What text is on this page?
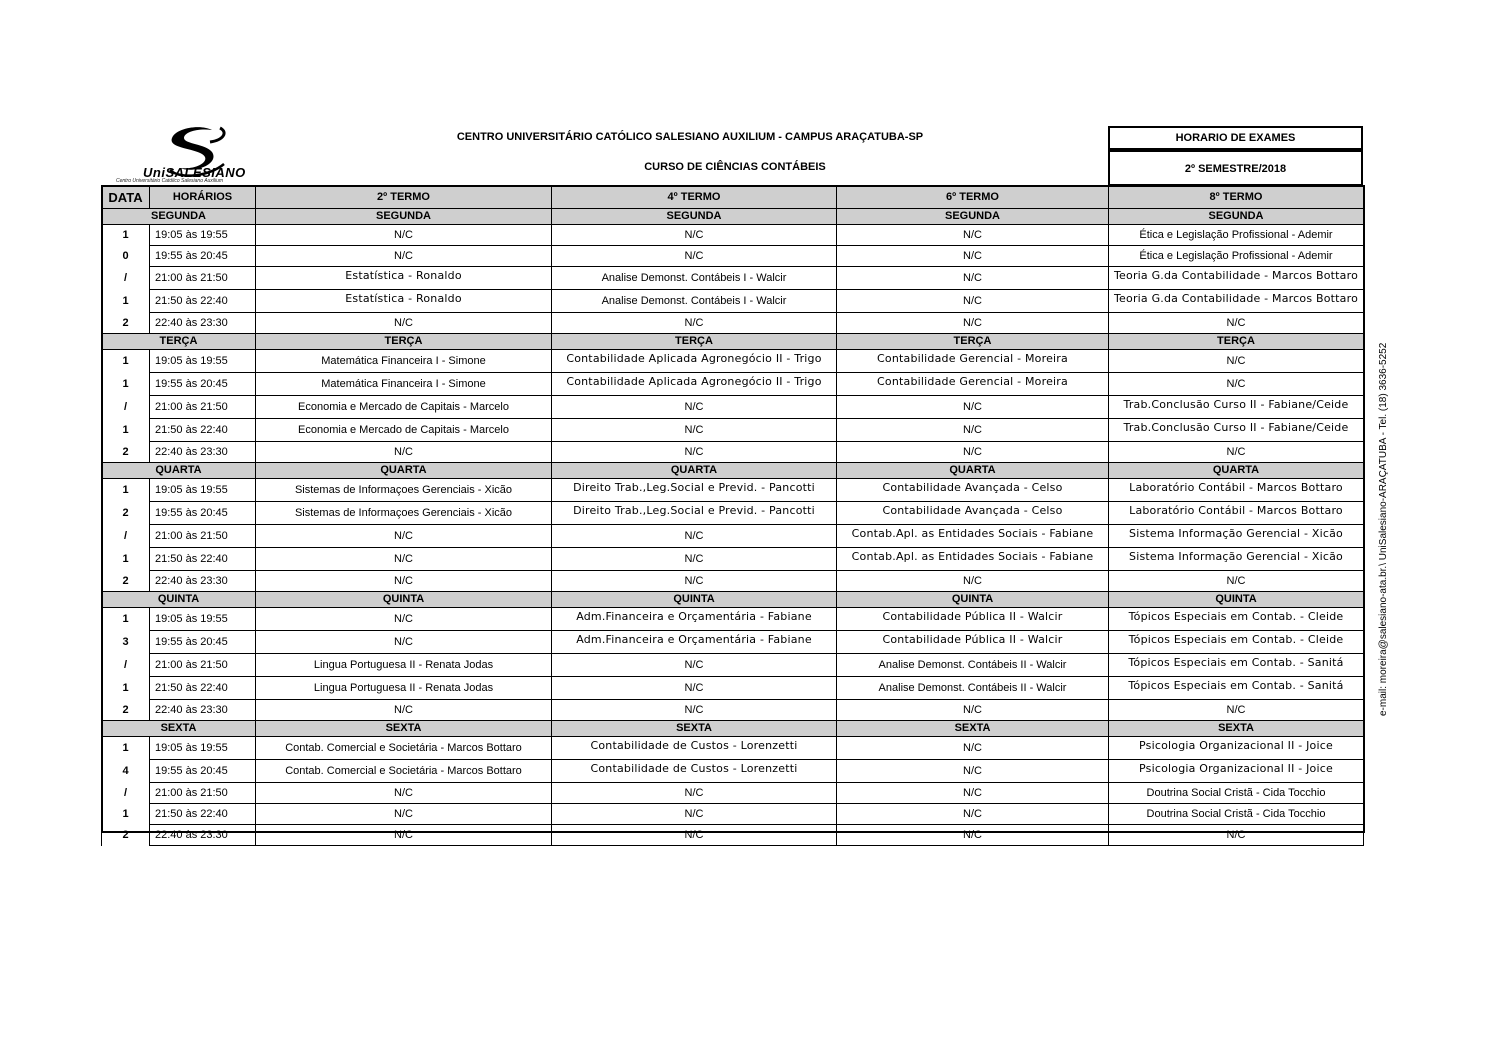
UniSALESIANO
Centro Universitário Católico Salesiano Auxilium
CENTRO UNIVERSITÁRIO CATÓLICO SALESIANO AUXILIUM - CAMPUS ARAÇATUBA-SP
CURSO DE CIÊNCIAS CONTÁBEIS
HORARIO DE EXAMES
2º SEMESTRE/2018
DATA	HORÁRIOS	2º TERMO	4º TERMO	6º TERMO	8º TERMO
SEGUNDA		SEGUNDA	SEGUNDA	SEGUNDA	SEGUNDA
1	19:05 às 19:55	N/C	N/C	N/C	Ética e Legislação Profissional - Ademir
0	19:55 às 20:45	N/C	N/C	N/C	Ética e Legislação Profissional - Ademir
/	21:00 às 21:50	Estatística - Ronaldo	Analise Demonst. Contábeis I - Walcir	N/C	Teoria G.da Contabilidade - Marcos Bottaro
1	21:50 às 22:40	Estatística - Ronaldo	Analise Demonst. Contábeis I - Walcir	N/C	Teoria G.da Contabilidade - Marcos Bottaro
2	22:40 às 23:30	N/C	N/C	N/C	N/C
TERÇA		TERÇA	TERÇA	TERÇA	TERÇA
1	19:05 às 19:55	Matemática Financeira I - Simone	Contabilidade Aplicada Agronegócio II - Trigo	Contabilidade Gerencial - Moreira	N/C
1	19:55 às 20:45	Matemática Financeira I - Simone	Contabilidade Aplicada Agronegócio II - Trigo	Contabilidade Gerencial - Moreira	N/C
/	21:00 às 21:50	Economia e Mercado de Capitais - Marcelo	N/C	N/C	Trab.Conclusão Curso II - Fabiane/Ceide
1	21:50 às 22:40	Economia e Mercado de Capitais - Marcelo	N/C	N/C	Trab.Conclusão Curso II - Fabiane/Ceide
2	22:40 às 23:30	N/C	N/C	N/C	N/C
QUARTA		QUARTA	QUARTA	QUARTA	QUARTA
1	19:05 às 19:55	Sistemas de Informaçoes Gerenciais - Xicão	Direito Trab.,Leg.Social e Previd. - Pancotti	Contabilidade Avançada - Celso	Laboratório Contábil - Marcos Bottaro
2	19:55 às 20:45	Sistemas de Informaçoes Gerenciais - Xicão	Direito Trab.,Leg.Social e Previd. - Pancotti	Contabilidade Avançada - Celso	Laboratório Contábil - Marcos Bottaro
/	21:00 às 21:50	N/C	N/C	Contab.Apl. as Entidades Sociais - Fabiane	Sistema Informação Gerencial - Xicão
1	21:50 às 22:40	N/C	N/C	Contab.Apl. as Entidades Sociais - Fabiane	Sistema Informação Gerencial - Xicão
2	22:40 às 23:30	N/C	N/C	N/C	N/C
QUINTA		QUINTA	QUINTA	QUINTA	QUINTA
1	19:05 às 19:55	N/C	Adm.Financeira e Orçamentária - Fabiane	Contabilidade Pública II - Walcir	Tópicos Especiais em Contab. - Cleide
3	19:55 às 20:45	N/C	Adm.Financeira e Orçamentária - Fabiane	Contabilidade Pública II - Walcir	Tópicos Especiais em Contab. - Cleide
/	21:00 às 21:50	Lingua Portuguesa II - Renata Jodas	N/C	Analise Demonst. Contábeis II - Walcir	Tópicos Especiais em Contab. - Sanitá
1	21:50 às 22:40	Lingua Portuguesa II - Renata Jodas	N/C	Analise Demonst. Contábeis II - Walcir	Tópicos Especiais em Contab. - Sanitá
2	22:40 às 23:30	N/C	N/C	N/C	N/C
SEXTA		SEXTA	SEXTA	SEXTA	SEXTA
1	19:05 às 19:55	Contab. Comercial e Societária - Marcos Bottaro	Contabilidade de Custos - Lorenzetti	N/C	Psicologia Organizacional II - Joice
4	19:55 às 20:45	Contab. Comercial e Societária - Marcos Bottaro	Contabilidade de Custos - Lorenzetti	N/C	Psicologia Organizacional II - Joice
/	21:00 às 21:50	N/C	N/C	N/C	Doutrina Social Cristã - Cida Tocchio
1	21:50 às 22:40	N/C	N/C	N/C	Doutrina Social Cristã - Cida Tocchio
2	22:40 às 23:30	N/C	N/C	N/C	N/C
e-mail: moreira@salesiano-ata.br.\ UniSalesiano-ARAÇATUBA - Tel. (18) 3636-5252
